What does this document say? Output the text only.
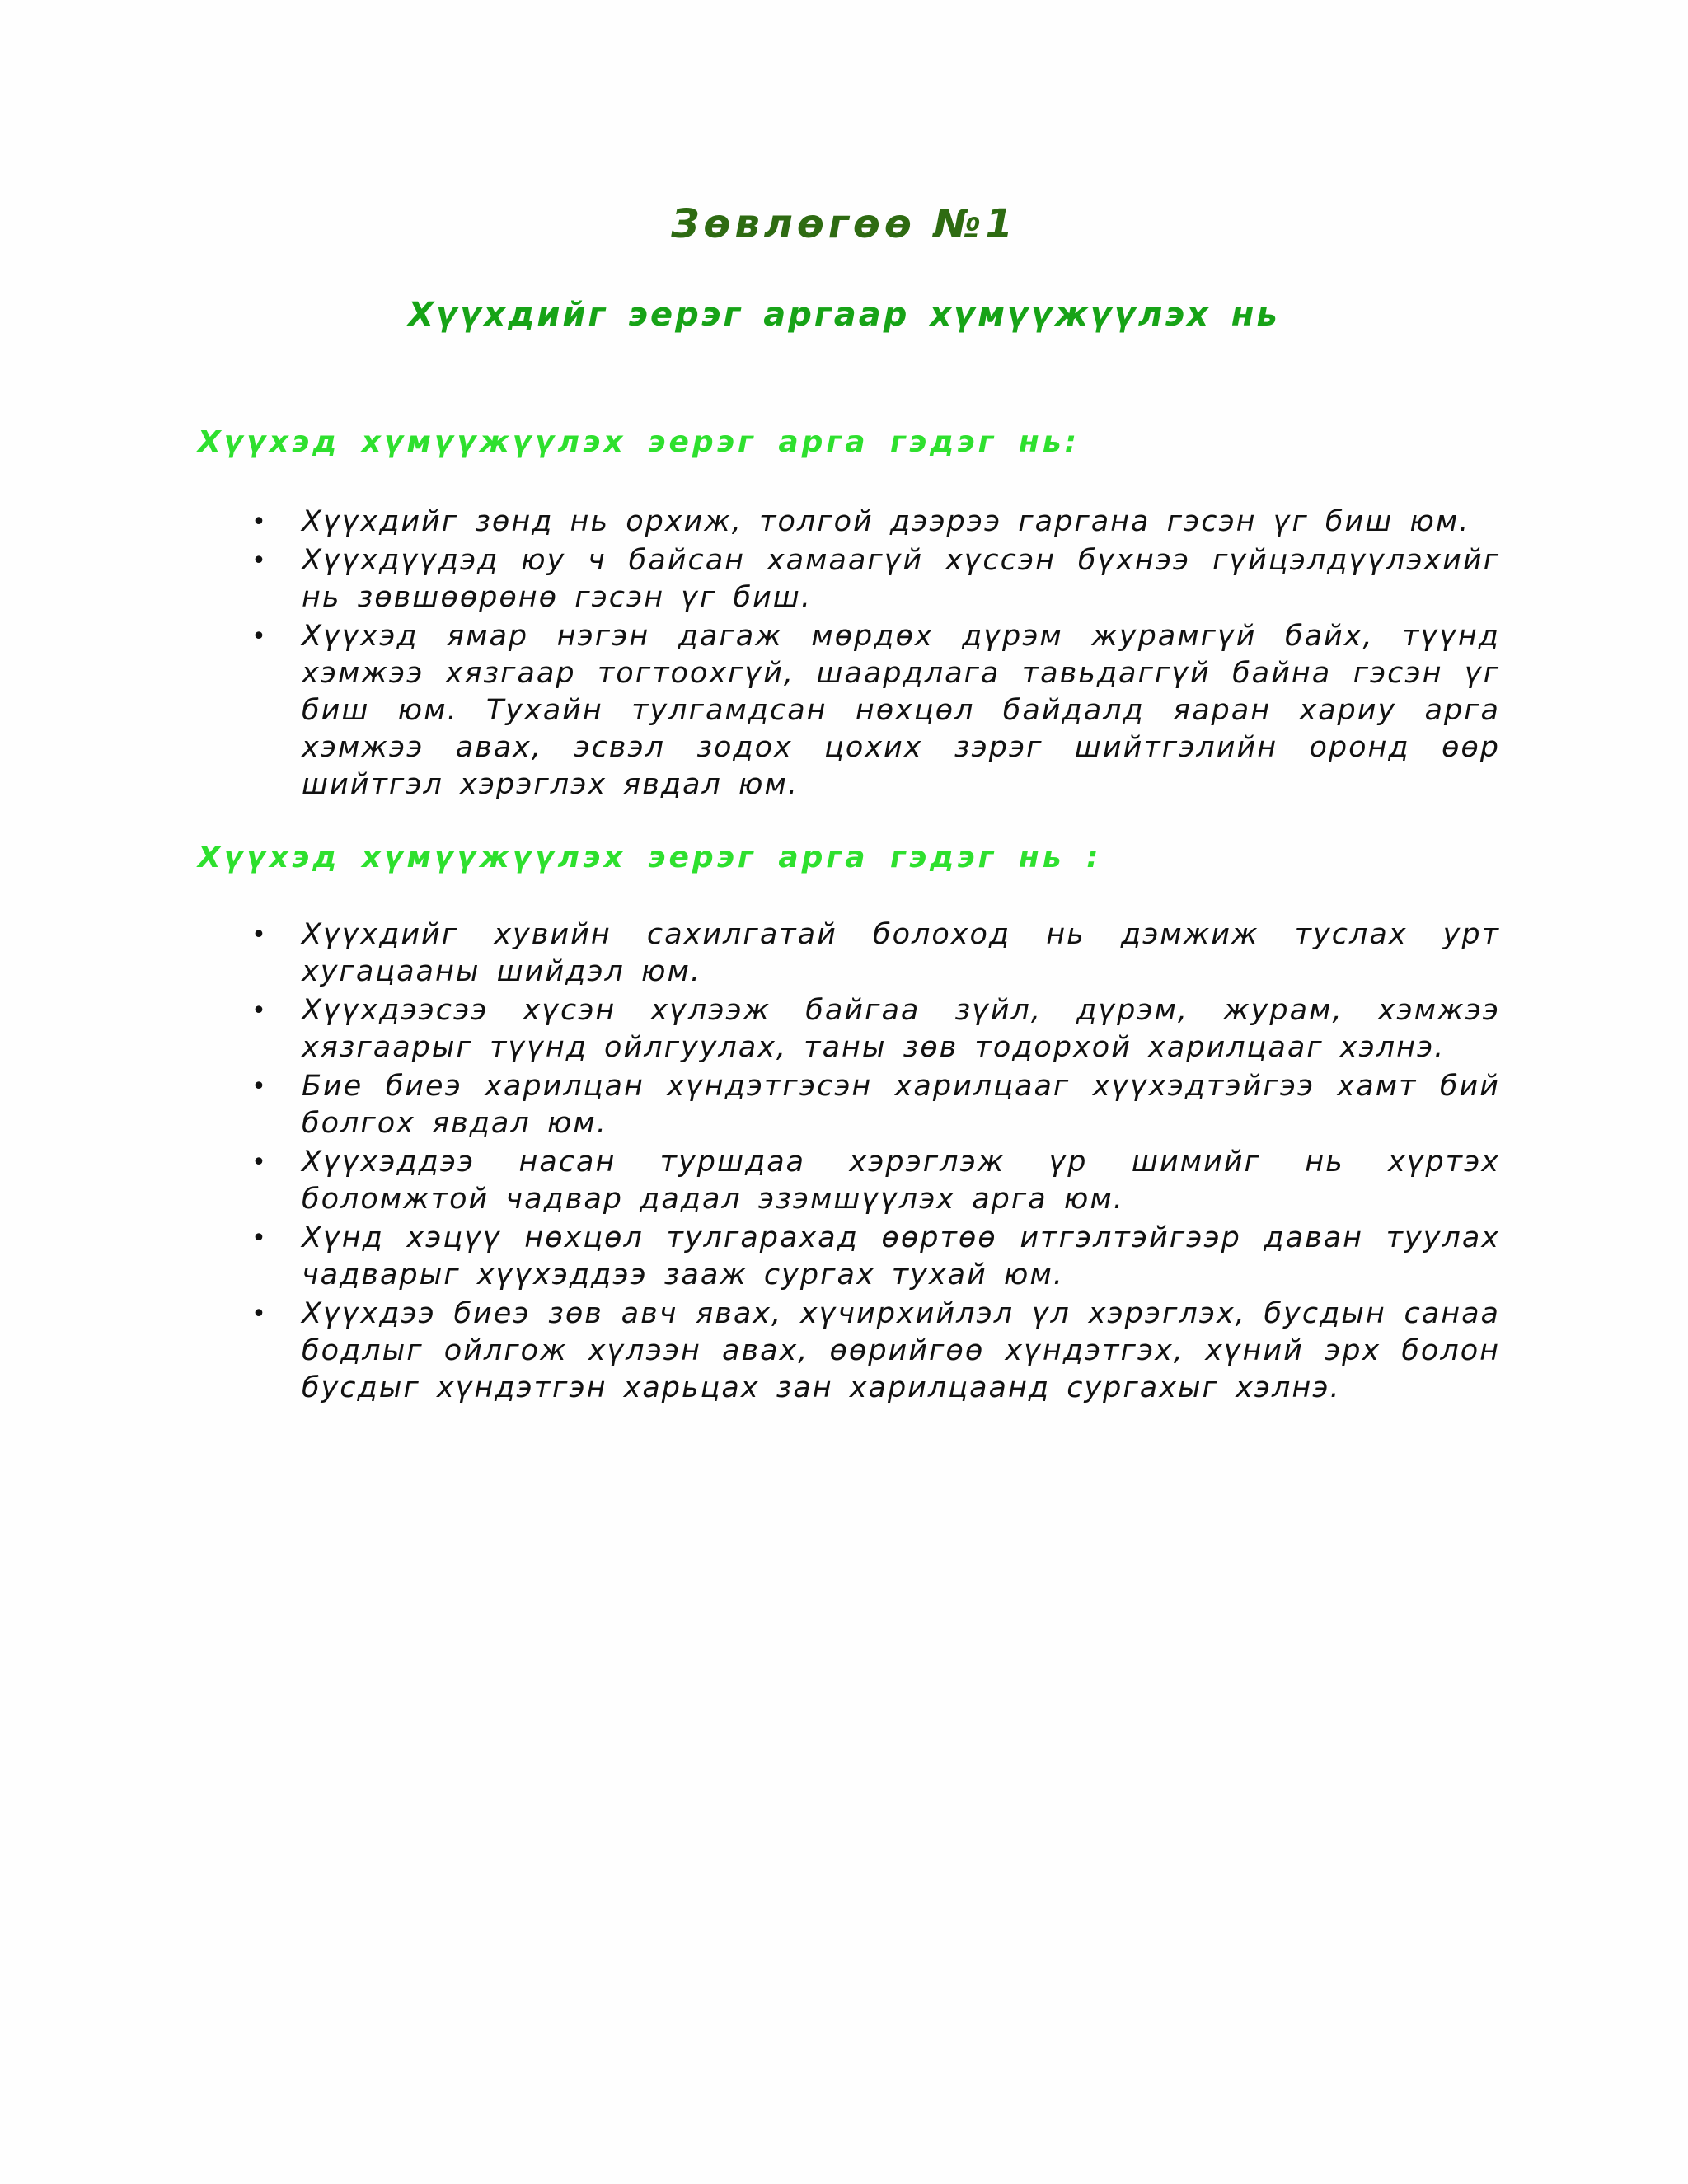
Зөвлөгөө №1
Хүүхдийг эерэг аргаар хүмүүжүүлэх нь
Хүүхэд хүмүүжүүлэх эерэг арга гэдэг нь:
• Хүүхдийг зөнд нь орхиж, толгой дээрээ гаргана гэсэн үг биш юм.
• Хүүхдүүдэд юу ч байсан хамаагүй хүссэн бүхнээ гүйцэлдүүлэхийг нь зөвшөөрөнө гэсэн үг биш.
• Хүүхэд ямар нэгэн дагаж мөрдөх дүрэм журамгүй байх, түүнд хэмжээ хязгаар тогтоохгүй, шаардлага тавьдаггүй байна гэсэн үг биш юм. Тухайн тулгамдсан нөхцөл байдалд яаран хариу арга хэмжээ авах, эсвэл зодох цохих зэрэг шийтгэлийн оронд өөр шийтгэл хэрэглэх явдал юм.
Хүүхэд хүмүүжүүлэх эерэг арга гэдэг нь :
• Хүүхдийг хувийн сахилгатай болоход нь дэмжиж туслах урт хугацааны шийдэл юм.
• Хүүхдээсээ хүсэн хүлээж байгаа зүйл, дүрэм, журам, хэмжээ хязгаарыг түүнд ойлгуулах, таны зөв тодорхой харилцааг хэлнэ.
• Бие биеэ харилцан хүндэтгэсэн харилцааг хүүхэдтэйгээ хамт бий болгох явдал юм.
• Хүүхэддээ насан туршдаа хэрэглэж үр шимийг нь хүртэх боломжтой чадвар дадал эзэмшүүлэх арга юм.
• Хүнд хэцүү нөхцөл тулгарахад өөртөө итгэлтэйгээр даван туулах чадварыг хүүхэддээ зааж сургах тухай юм.
• Хүүхдээ биеэ зөв авч явах, хүчирхийлэл үл хэрэглэх, бусдын санаа бодлыг ойлгож хүлээн авах, өөрийгөө хүндэтгэх, хүний эрх болон бусдыг хүндэтгэн харьцах зан харилцаанд сургахыг хэлнэ.
